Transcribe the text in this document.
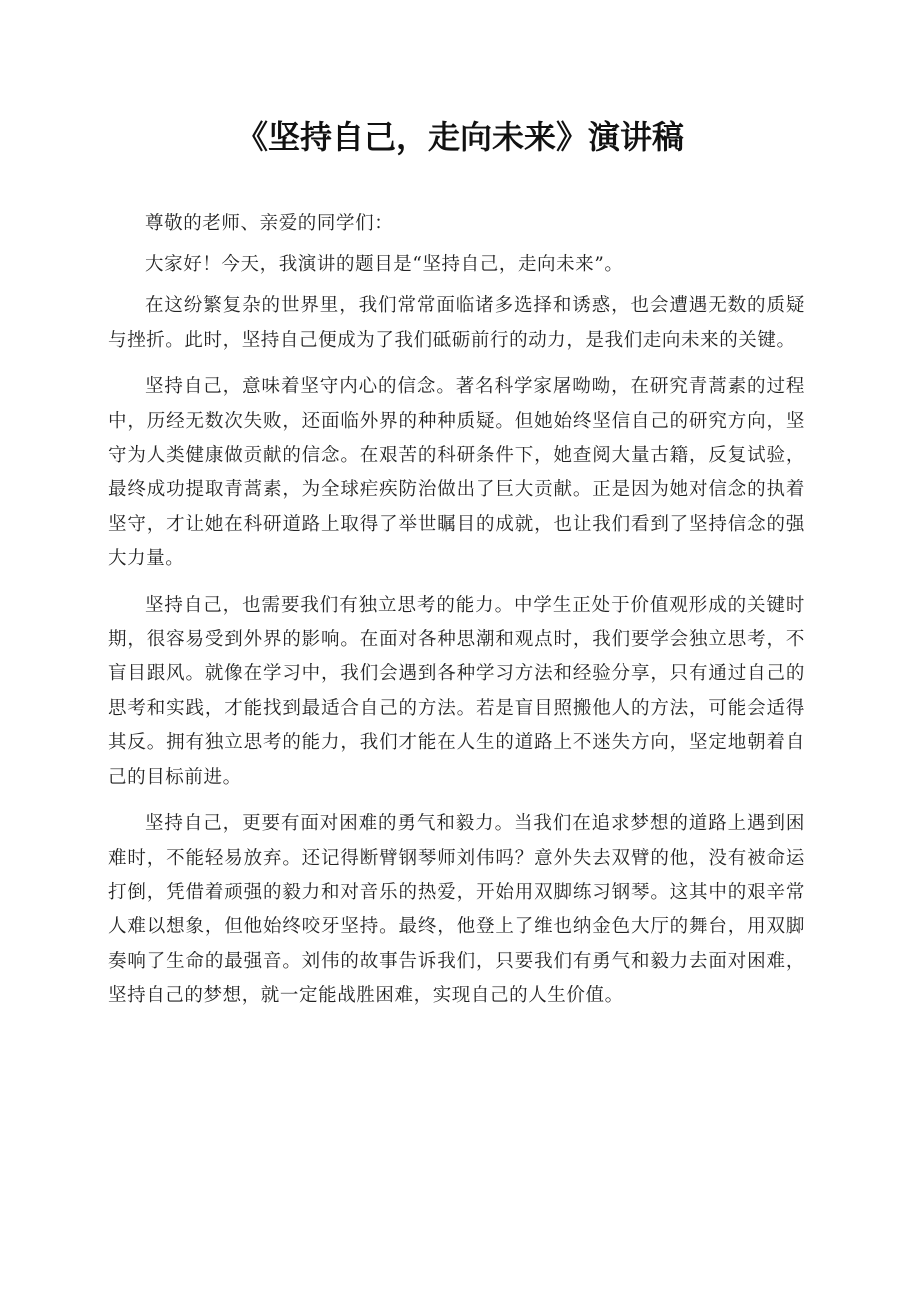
《坚持自己，走向未来》演讲稿

尊敬的老师、亲爱的同学们：

大家好！今天，我演讲的题目是“坚持自己，走向未来”。

在这纷繁复杂的世界里，我们常常面临诸多选择和诱惑，也会遭遇无数的质疑与挫折。此时，坚持自己便成为了我们砥砺前行的动力，是我们走向未来的关键。

坚持自己，意味着坚守内心的信念。著名科学家屠呦呦，在研究青蒿素的过程中，历经无数次失败，还面临外界的种种质疑。但她始终坚信自己的研究方向，坚守为人类健康做贡献的信念。在艰苦的科研条件下，她查阅大量古籍，反复试验，最终成功提取青蒿素，为全球疟疾防治做出了巨大贡献。正是因为她对信念的执着坚守，才让她在科研道路上取得了举世瞩目的成就，也让我们看到了坚持信念的强大力量。

坚持自己，也需要我们有独立思考的能力。中学生正处于价值观形成的关键时期，很容易受到外界的影响。在面对各种思潮和观点时，我们要学会独立思考，不盲目跟风。就像在学习中，我们会遇到各种学习方法和经验分享，只有通过自己的思考和实践，才能找到最适合自己的方法。若是盲目照搬他人的方法，可能会适得其反。拥有独立思考的能力，我们才能在人生的道路上不迷失方向，坚定地朝着自己的目标前进。

坚持自己，更要有面对困难的勇气和毅力。当我们在追求梦想的道路上遇到困难时，不能轻易放弃。还记得断臂钢琴师刘伟吗？意外失去双臂的他，没有被命运打倒，凭借着顽强的毅力和对音乐的热爱，开始用双脚练习钢琴。这其中的艰辛常人难以想象，但他始终咬牙坚持。最终，他登上了维也纳金色大厅的舞台，用双脚奏响了生命的最强音。刘伟的故事告诉我们，只要我们有勇气和毅力去面对困难，坚持自己的梦想，就一定能战胜困难，实现自己的人生价值。
